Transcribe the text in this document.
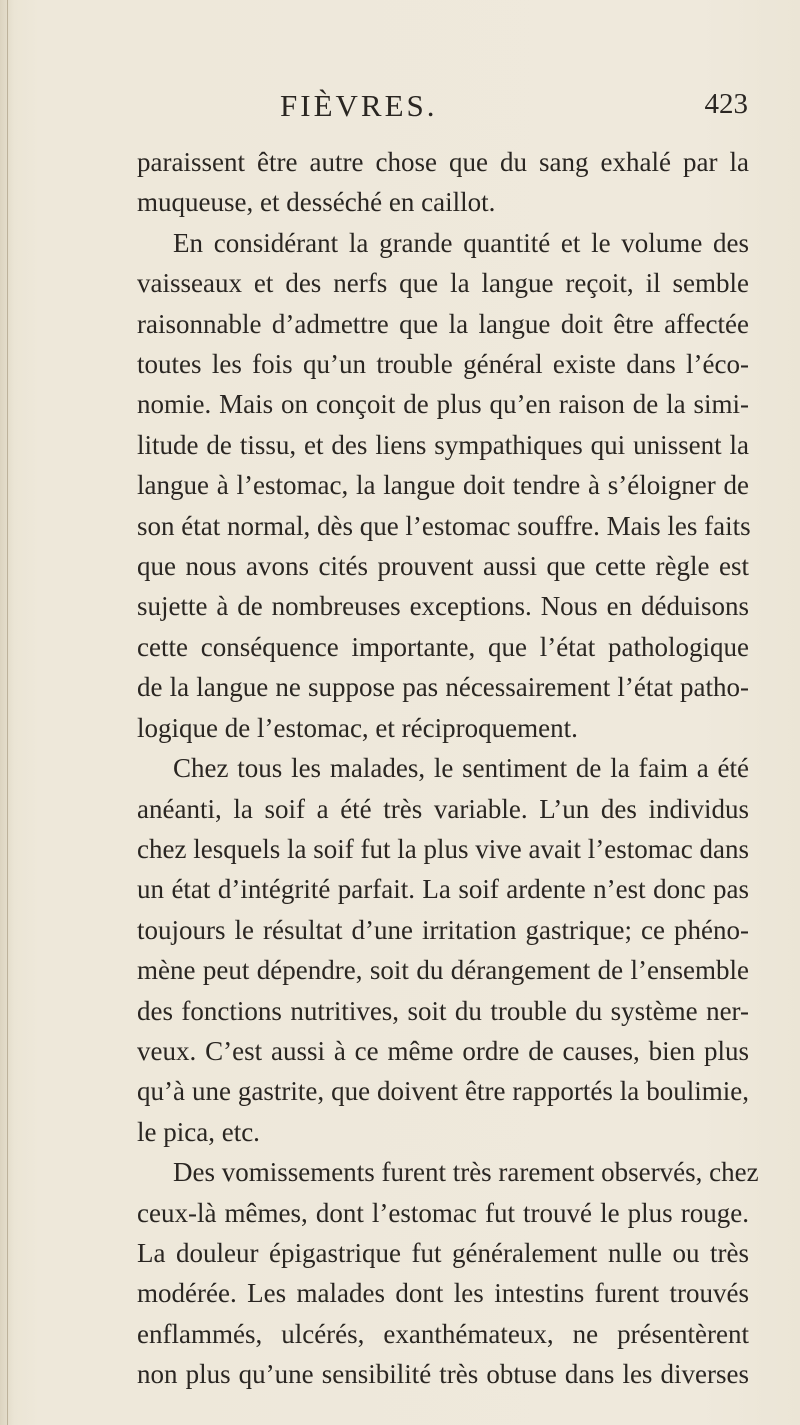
FIÈVRES.	423
paraissent être autre chose que du sang exhalé par la
muqueuse, et desséché en caillot.
En considérant la grande quantité et le volume des
vaisseaux et des nerfs que la langue reçoit, il semble
raisonnable d’admettre que la langue doit être affectée
toutes les fois qu’un trouble général existe dans l’éco-
nomie. Mais on conçoit de plus qu’en raison de la simi-
litude de tissu, et des liens sympathiques qui unissent la
langue à l’estomac, la langue doit tendre à s’éloigner de
son état normal, dès que l’estomac souffre. Mais les faits
que nous avons cités prouvent aussi que cette règle est
sujette à de nombreuses exceptions. Nous en déduisons
cette conséquence importante, que l’état pathologique
de la langue ne suppose pas nécessairement l’état patho-
logique de l’estomac, et réciproquement.
Chez tous les malades, le sentiment de la faim a été
anéanti, la soif a été très variable. L’un des individus
chez lesquels la soif fut la plus vive avait l’estomac dans
un état d’intégrité parfait. La soif ardente n’est donc pas
toujours le résultat d’une irritation gastrique; ce phéno-
mène peut dépendre, soit du dérangement de l’ensemble
des fonctions nutritives, soit du trouble du système ner-
veux. C’est aussi à ce même ordre de causes, bien plus
qu’à une gastrite, que doivent être rapportés la boulimie,
le pica, etc.
Des vomissements furent très rarement observés, chez
ceux-là mêmes, dont l’estomac fut trouvé le plus rouge.
La douleur épigastrique fut généralement nulle ou très
modérée. Les malades dont les intestins furent trouvés
enflammés, ulcérés, exanthémateux, ne présentèrent
non plus qu’une sensibilité très obtuse dans les diverses
